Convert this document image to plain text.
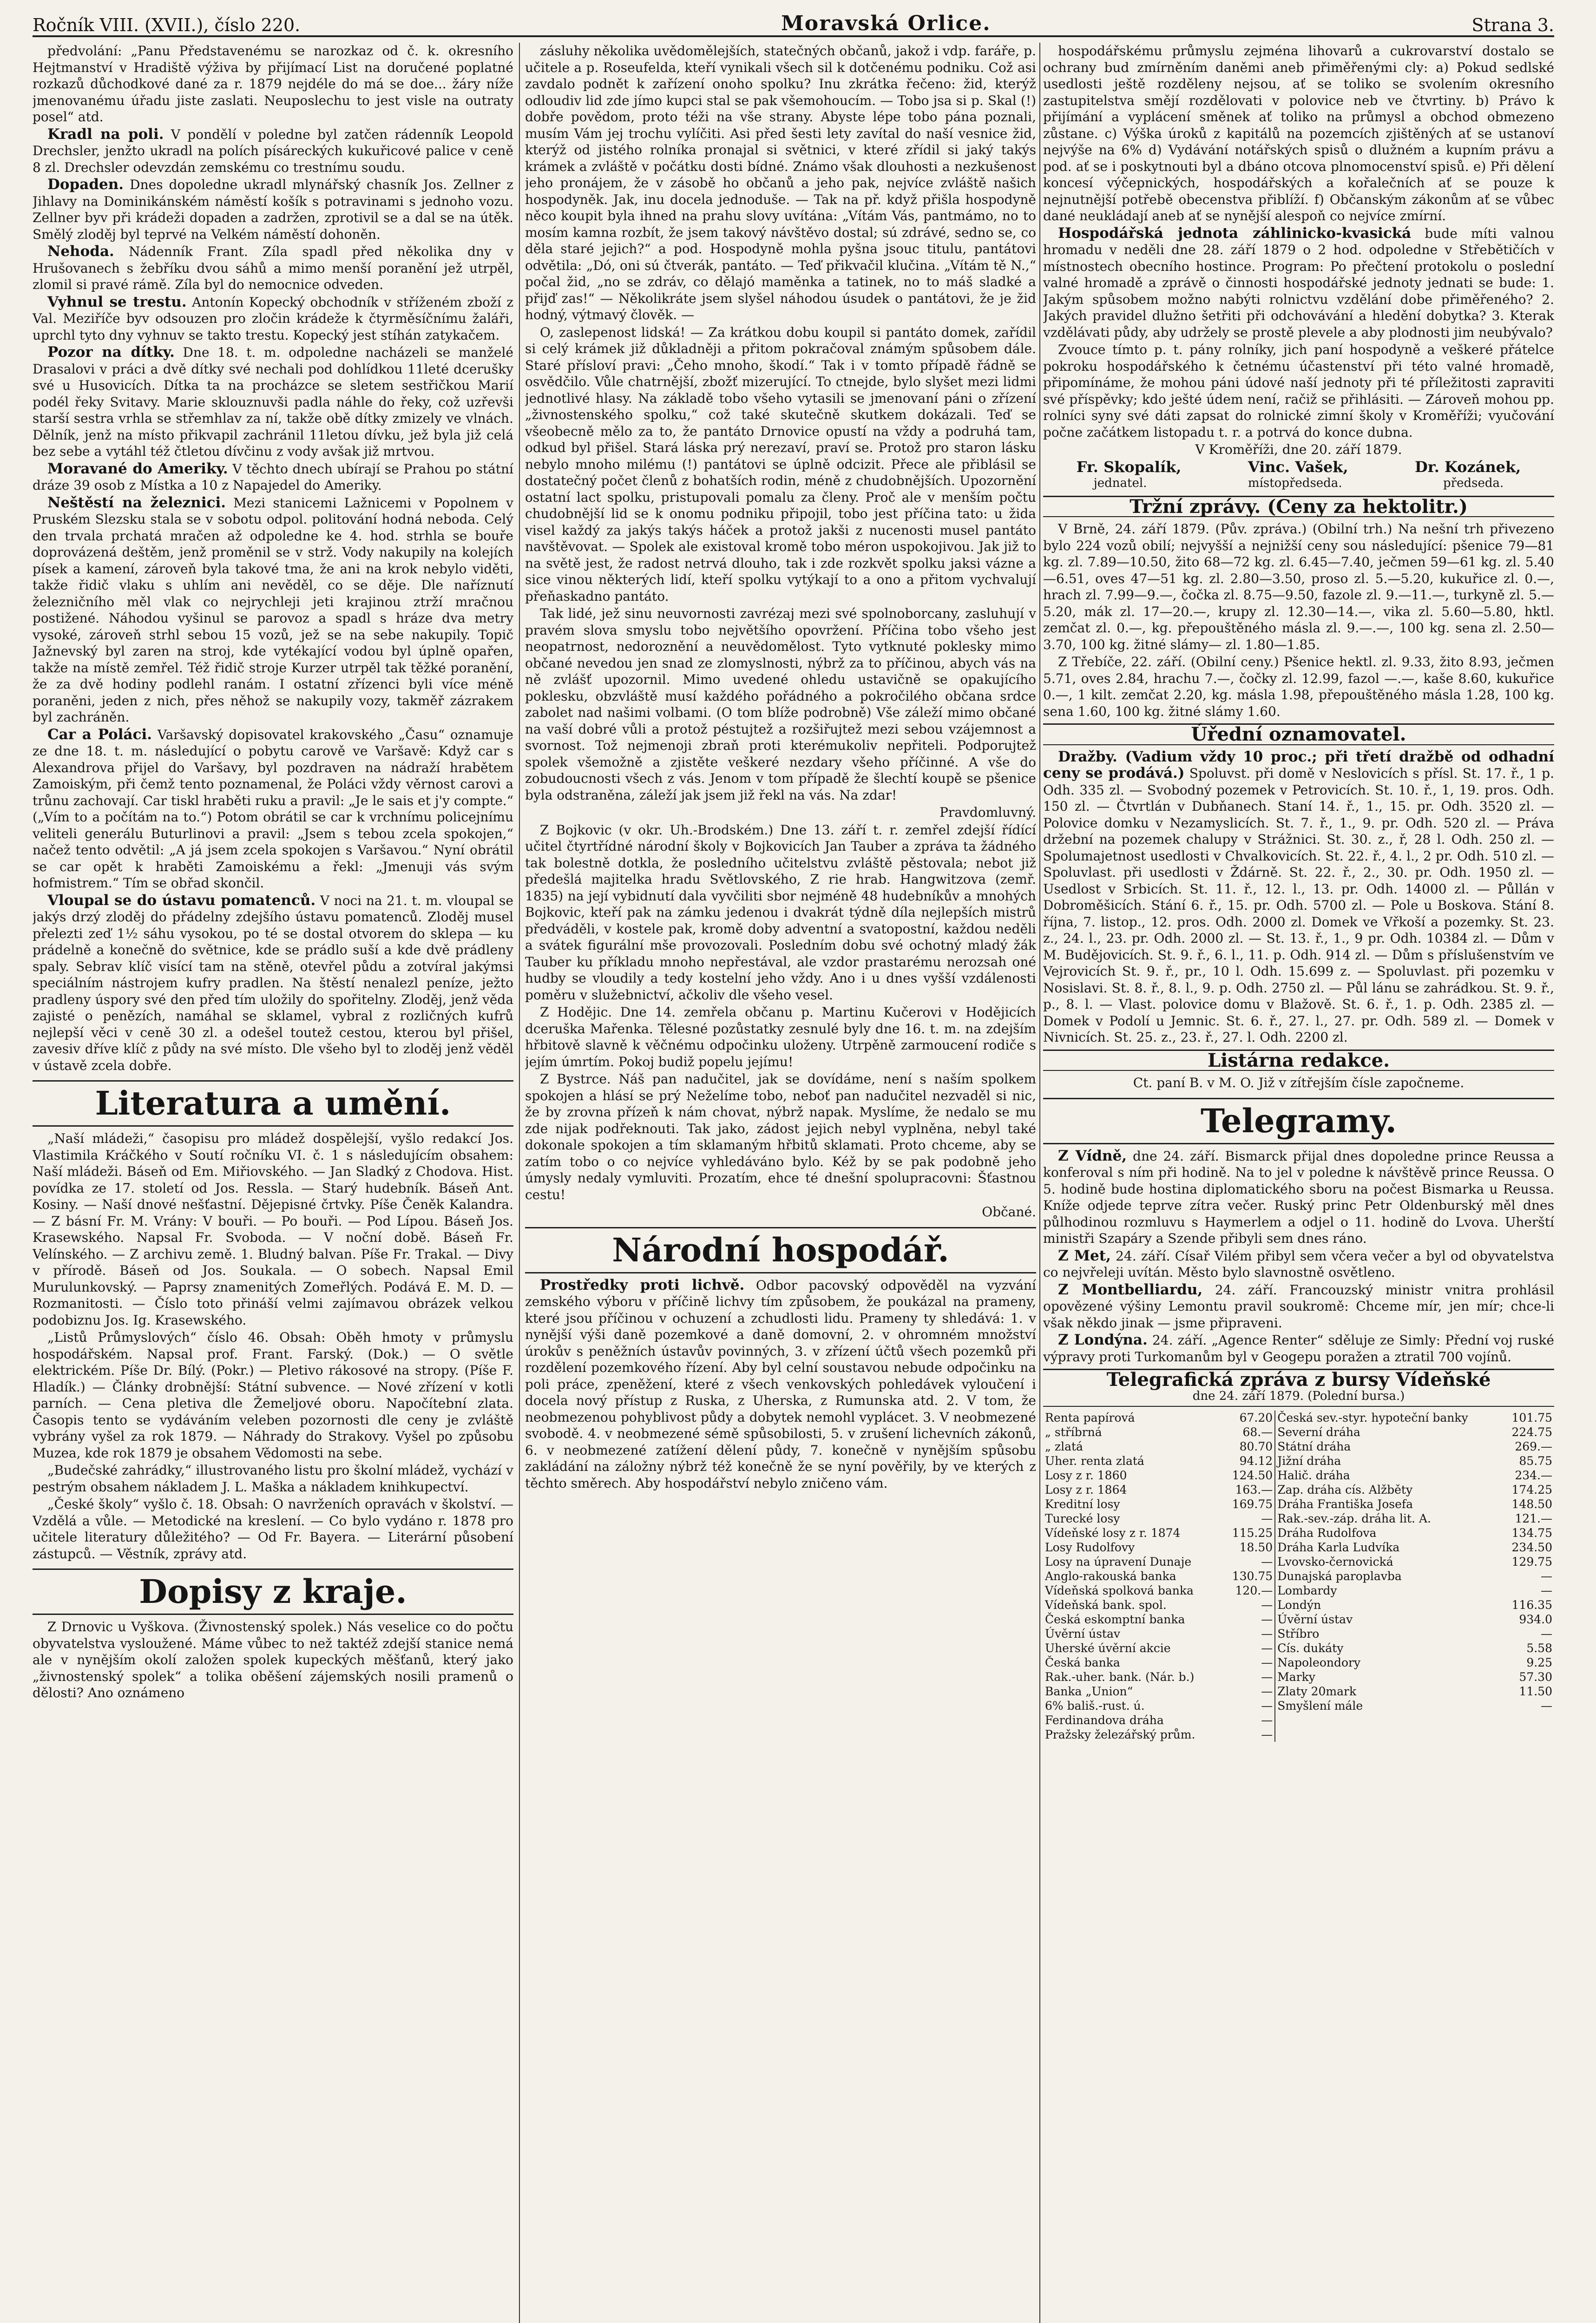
Ročník VIII. (XVII.), číslo 220.	Moravská Orlice.	Strana 3.

předvolání: „Panu Představenému se narozkaz od č. k. okresního Hejtmanství v Hradiště výživa by přijímací List na doručené poplatné rozkazů důchodkové dané za r. 1879 nejdéle do má se doe... žáry níže jmenovanému úřadu jiste zaslati. Neuposlechu to jest visle na outraty posel“ atd.

Kradl na poli. V pondělí v poledne byl zatčen rádenník Leopold Drechsler, jenžto ukradl na polích písáreckých kukuřicové palice v ceně 8 zl. Drechsler odevzdán zemskému co trestnímu soudu.

Dopaden. Dnes dopoledne ukradl mlynářský chasník Jos. Zellner z Jihlavy na Dominikánském náměstí košík s potravinami s jednoho vozu. Zellner byv při krádeži dopaden a zadržen, zprotivil se a dal se na útěk. Smělý zloděj byl teprvé na Velkém náměstí dohoněn.

Nehoda. Nádenník Frant. Zíla spadl před několika dny v Hrušovanech s žebříku dvou sáhů a mimo menší poranění jež utrpěl, zlomil si pravé rámě. Zíla byl do nemocnice odveden.

Vyhnul se trestu. Antonín Kopecký obchodník v stříženém zboží z Val. Meziříče byv odsouzen pro zločin krádeže k čtyrměsíčnímu žaláři, uprchl tyto dny vyhnuv se takto trestu. Kopecký jest stíhán zatykačem.

Pozor na dítky. Dne 18. t. m. odpoledne nacházeli se manželé Drasalovi v práci a dvě dítky své nechali pod dohlídkou 11leté dcerušky své u Husovicích. Dítka ta na procházce se sletem sestřičkou Marií podél řeky Svitavy. Marie sklouznuvši padla náhle do řeky, což uzřevši starší sestra vrhla se střemhlav za ní, takže obě dítky zmizely ve vlnách. Dělník, jenž na místo přikvapil zachránil 11letou dívku, jež byla již celá bez sebe a vytáhl též čtletou dívčinu z vody avšak již mrtvou.

Moravané do Ameriky. V těchto dnech ubírají se Prahou po státní dráze 39 osob z Místka a 10 z Napajedel do Ameriky.

Neštěstí na železnici. Mezi stanicemi Lažnicemi v Popolnem v Pruském Slezsku stala se v sobotu odpol. politování hodná neboda. Celý den trvala prchatá mračen až odpoledne ke 4. hod. strhla se bouře doprovázená deštěm, jenž proměnil se v strž. Vody nakupily na kolejích písek a kamení, zároveň byla takové tma, že ani na krok nebylo viděti, takže řidič vlaku s uhlím ani nevěděl, co se děje. Dle naříznutí železničního měl vlak co nejrychleji jeti krajinou ztrží mračnou postižené. Náhodou vyšinul se parovoz a spadl s hráze dva metry vysoké, zároveň strhl sebou 15 vozů, jež se na sebe nakupily. Topič Jažnevský byl zaren na stroj, kde vytékající vodou byl úplně opařen, takže na místě zemřel. Též řidič stroje Kurzer utrpěl tak těžké poranění, že za dvě hodiny podlehl ranám. I ostatní zřízenci byli více méně poraněni, jeden z nich, přes něhož se nakupily vozy, takměř zázrakem byl zachráněn.

Car a Poláci. Varšavský dopisovatel krakovského „Času“ oznamuje ze dne 18. t. m. následující o pobytu carově ve Varšavě: Když car s Alexandrova přijel do Varšavy, byl pozdraven na nádraží hrabětem Zamoiským, při čemž tento poznamenal, že Poláci vždy věrnost carovi a trůnu zachovají. Car tiskl hraběti ruku a pravil: „Je le sais et j'y compte.“ („Vím to a počítám na to.“) Potom obrátil se car k vrchnímu policejnímu veliteli generálu Buturlinovi a pravil: „Jsem s tebou zcela spokojen,“ načež tento odvětil: „A já jsem zcela spokojen s Varšavou.“ Nyní obrátil se car opět k hraběti Zamoiskému a řekl: „Jmenuji vás svým hofmistrem.“ Tím se obřad skončil.

Vloupal se do ústavu pomatenců. V noci na 21. t. m. vloupal se jakýs drzý zloděj do přádelny zdejšího ústavu pomatenců. Zloděj musel přelezti zeď 1½ sáhu vysokou, po té se dostal otvorem do sklepa — ku prádelně a konečně do světnice, kde se prádlo suší a kde dvě prádleny spaly. Sebrav klíč visící tam na stěně, otevřel půdu a zotvíral jakýmsi speciálním nástrojem kufry pradlen. Na štěstí nenalezl peníze, ježto pradleny úspory své den před tím uložily do spořitelny. Zloděj, jenž věda zajisté o penězích, namáhal se sklamel, vybral z rozličných kufrů nejlepší věci v ceně 30 zl. a odešel toutež cestou, kterou byl přišel, zavesiv dříve klíč z půdy na své místo. Dle všeho byl to zloděj jenž věděl v ústavě zcela dobře.

Literatura a umění.

„Naší mládeži,“ časopisu pro mládež dospělejší, vyšlo redakcí Jos. Vlastimila Kráčkého v Soutí ročníku VI. č. 1 s následujícím obsahem: Naší mládeži. Báseň od Em. Miřiovského. — Jan Sladký z Chodova. Hist. povídka ze 17. století od Jos. Ressla. — Starý hudebník. Báseň Ant. Kosiny. — Naší dnové nešťastní. Dějepisné črtvky. Píše Čeněk Kalandra. — Z básní Fr. M. Vrány: V bouři. — Po bouři. — Pod Lípou. Báseň Jos. Krasewského. Napsal Fr. Svoboda. — V noční době. Báseň Fr. Velínského. — Z archivu země. 1. Bludný balvan. Píše Fr. Trakal. — Divy v přírodě. Báseň od Jos. Soukala. — O sobech. Napsal Emil Murulunkovský. — Paprsy znamenitých Zomeřlých. Podává E. M. D. — Rozmanitosti. — Číslo toto přináší velmi zajímavou obrázek velkou podobiznu Jos. Ig. Krasewského.

„Listů Průmyslových“ číslo 46. Obsah: Oběh hmoty v průmyslu hospodářském. Napsal prof. Frant. Farský. (Dok.) — O světle elektrickém. Píše Dr. Bílý. (Pokr.) — Pletivo rákosové na stropy. (Píše F. Hladík.) — Články drobnější: Státní subvence. — Nové zřízení v kotli parních. — Cena pletiva dle Žemeljové oboru. Napočítební zlata. Časopis tento se vydáváním veleben pozornosti dle ceny je zvláště vybrány vyšel za rok 1879. — Náhrady do Strakovy. Vyšel po způsobu Muzea, kde rok 1879 je obsahem Vědomosti na sebe.

„Budečské zahrádky,“ illustrovaného listu pro školní mládež, vychází v pestrým obsahem nákladem J. L. Maška a nákladem knihkupectví.

„České školy“ vyšlo č. 18. Obsah: O navrženích opravách v školství. — Vzdělá a vůle. — Metodické na kreslení. — Co bylo vydáno r. 1878 pro učitele literatury důležitého? — Od Fr. Bayera. — Literární působení zástupců. — Věstník, zprávy atd.

Dopisy z kraje.

Z Drnovic u Vyškova. (Živnostenský spolek.) Nás veselice co do počtu obyvatelstva vysloužené. Máme vůbec to než taktéž zdejší stanice nemá ale v nynějším okolí založen spolek kupeckých měšťanů, který jako „živnostenský spolek“ a tolika oběšení zájemských nosili pramenů o dělosti? Ano oznámeno

zásluhy několika uvědomělejších, statečných občanů, jakož i vdp. faráře, p. učitele a p. Roseufelda, kteří vynikali všech sil k dotčenému podniku. Což asi zavdalo podnět k zařízení onoho spolku? Inu zkrátka řečeno: žid, kterýž odloudiv lid zde jímo kupci stal se pak všemohoucím. — Tobo jsa si p. Skal (!) dobře povědom, proto téži na vše strany. Abyste lépe tobo pána poznali, musím Vám jej trochu vylíčiti. Asi před šesti lety zavítal do naší vesnice žid, kterýž od jistého rolníka pronajal si světnici, v které zřídil si jaký takýs krámek a zvláště v počátku dosti bídné. Známo však dlouhosti a nezkušenost jeho pronájem, že v zásobě ho občanů a jeho pak, nejvíce zvláště našich hospodyněk. Jak, inu docela jednoduše. — Tak na př. když přišla hospodyně něco koupit byla ihned na prahu slovy uvítána: „Vítám Vás, pantmámo, no to mosím kamna rozbít, že jsem takový návštěvo dostal; sú zdrávé, sedno se, co děla staré jejich?“ a pod. Hospodyně mohla pyšna jsouc titulu, pantátovi odvětila: „Dó, oni sú čtverák, pantáto. — Teď přikvačil klučina. „Vítám tě N.,“ počal žid, „no se zdráv, co dělajó maměnka a tatinek, no to máš sladké a přijď zas!“ — Několikráte jsem slyšel náhodou úsudek o pantátovi, že je žid hodný, výtmavý člověk. —

O, zaslepenost lidská! — Za krátkou dobu koupil si pantáto domek, zařídil si celý krámek již důkladněji a přitom pokračoval známým spůsobem dále. Staré přísloví pravi: „Čeho mnoho, škodí.“ Tak i v tomto případě řádně se osvědčilo. Vůle chatrnější, zbožť mizerující. To ctnejde, bylo slyšet mezi lidmi jednotlivé hlasy. Na základě tobo všeho vytasili se jmenovaní páni o zřízení „živnostenského spolku,“ což také skutečně skutkem dokázali. Teď se všeobecně mělo za to, že pantáto Drnovice opustí na vždy a podruhá tam, odkud byl přišel. Stará láska prý nerezaví, praví se. Protož pro staron lásku nebylo mnoho milému (!) pantátovi se úplně odcizit. Přece ale přiblásil se dostatečný počet členů z bohatších rodin, méně z chudobnějších. Upozornění ostatní lact spolku, pristupovali pomalu za členy. Proč ale v menším počtu chudobnější lid se k onomu podniku připojil, tobo jest příčina tato: u žida visel každý za jakýs takýs háček a protož jakši z nucenosti musel pantáto navštěvovat. — Spolek ale existoval kromě tobo méron uspokojivou. Jak již to na světě jest, že radost netrvá dlouho, tak i zde rozkvět spolku jaksi vázne a sice vinou některých lidí, kteří spolku vytýkají to a ono a přitom vychvalují přeňaskadno pantáto.

Tak lidé, jež sinu neuvornosti zavrézaj mezi své spolnoborcany, zasluhují v pravém slova smyslu tobo největšího opovržení. Příčina tobo všeho jest neopatrnost, nedoroznění a neuvědomělost. Tyto vytknuté poklesky mimo občané nevedou jen snad ze zlomyslnosti, nýbrž za to příčinou, abych vás na ně zvlášť upozornil. Mimo uvedené ohledu ustavičně se opakujícího poklesku, obzvláště musí každého pořádného a pokročilého občana srdce zabolet nad našimi volbami. (O tom blíže podrobně) Vše záleží mimo občané na vaší dobré vůli a protož péstujtež a rozšiřujtež mezi sebou vzájemnost a svornost. Tož nejmenoji zbraň proti kterémukoliv nepřiteli. Podporujtež spolek všemožně a zjistěte veškeré nezdary všeho příčinné. A vše do zobudoucnosti všech z vás. Jenom v tom případě že šlechtí koupě se pšenice byla odstraněna, záleží jak jsem již řekl na vás. Na zdar!

Pravdomluvný.

Z Bojkovic (v okr. Uh.-Brodském.) Dne 13. září t. r. zemřel zdejší řídící učitel čtyrtřídné národní školy v Bojkovicích Jan Tauber a zpráva ta žádného tak bolestně dotkla, že posledního učitelstvu zvláště pěstovala; nebot již předešlá majitelka hradu Světlovského, Z rie hrab. Hangwitzova (zemř. 1835) na její vybidnutí dala vyvčiliti sbor nejméně 48 hudebníkův a mnohých Bojkovic, kteří pak na zámku jedenou i dvakrát týdně díla nejlepších mistrů předváděli, v kostele pak, kromě doby adventní a svatopostní, každou neděli a svátek figurální mše provozovali. Posledním dobu své ochotný mladý žák Tauber ku příkladu mnoho nepřestával, ale vzdor prastarému nerozsah oné hudby se vloudily a tedy kostelní jeho vždy. Ano i u dnes vyšší vzdálenosti poměru v služebnictví, ačkoliv dle všeho vesel.

Z Hodějic. Dne 14. zemřela občanu p. Martinu Kučerovi v Hodějicích dceruška Mařenka. Tělesné pozůstatky zesnulé byly dne 16. t. m. na zdejším hřbitově slavně k věčnému odpočinku uloženy. Utrpěně zarmoucení rodiče s jejím úmrtím. Pokoj budiž popelu jejímu!

Z Bystrce. Náš pan nadučitel, jak se dovídáme, není s naším spolkem spokojen a hlásí se prý Neželíme tobo, neboť pan nadučitel nezvaděl si nic, že by zrovna přízeň k nám chovat, nýbrž napak. Myslíme, že nedalo se mu zde nijak podřeknouti. Tak jako, zádost jejich nebyl vyplněna, nebyl také dokonale spokojen a tím sklamaným hřbitů sklamati. Proto chceme, aby se zatím tobo o co nejvíce vyhledáváno bylo. Kéž by se pak podobně jeho úmysly nedaly vymluviti. Prozatím, ehce té dnešní spolupracovni: Šťastnou cestu!

Občané.

Národní hospodář.

Prostředky proti lichvě. Odbor pacovský odpověděl na vyzvání zemského výboru v příčině lichvy tím způsobem, že poukázal na prameny, které jsou příčinou v ochuzení a zchudlosti lidu. Prameny ty shledává: 1. v nynější výši daně pozemkové a daně domovní, 2. v ohromném množství úrokův s peněžních ústavův povinných, 3. v zřízení účtů všech pozemků při rozdělení pozemkového řízení. Aby byl celní soustavou nebude odpočinku na poli práce, zpeněžení, které z všech venkovských pohledávek vyloučení i docela nový přístup z Ruska, z Uherska, z Rumunska atd. 2. V tom, že neobmezenou pohyblivost půdy a dobytek nemohl vyplácet. 3. V neobmezené svobodě. 4. v neobmezené sémě spůsobilosti, 5. v zrušení lichevních zákonů, 6. v neobmezené zatížení dělení půdy, 7. konečně v nynějším spůsobu zakládání na záložny nýbrž též konečně že se nyní pověřily, by ve kterých z těchto směrech. Aby hospodářství nebylo zničeno vám.

hospodářskému průmyslu zejména lihovarů a cukrovarství dostalo se ochrany bud zmírněním daněmi aneb přiměřenými cly: a) Pokud sedlské usedlosti ještě rozděleny nejsou, ať se toliko se svolením okresního zastupitelstva smějí rozdělovati v polovice neb ve čtvrtiny. b) Právo k přijímání a vyplácení směnek ať toliko na průmysl a obchod obmezeno zůstane. c) Výška úroků z kapitálů na pozemcích zjištěných ať se ustanoví nejvýše na 6% d) Vydávání notářských spisů o dlužném a kupním právu a pod. ať se i poskytnouti byl a dbáno otcova plnomocenství spisů. e) Při dělení koncesí výčepnických, hospodářských a kořalečních ať se pouze k nejnutnější potřebě obecenstva přiblíží. f) Občanským zákonům ať se vůbec dané neukládají aneb ať se nynější alespoň co nejvíce zmírní.

Hospodářská jednota záhlinicko-kvasická bude míti valnou hromadu v neděli dne 28. září 1879 o 2 hod. odpoledne v Střebětičích v místnostech obecního hostince. Program: Po přečtení protokolu o poslední valné hromadě a zprávě o činnosti hospodářské jednoty jednati se bude: 1. Jakým spůsobem možno nabýti rolnictvu vzdělání dobe přiměřeného? 2. Jakých pravidel dlužno šetřiti při odchovávání a hledění dobytka? 3. Kterak vzdělávati půdy, aby udržely se prostě plevele a aby plodnosti jim neubývalo?

Zvouce tímto p. t. pány rolníky, jich paní hospodyně a veškeré přátelce pokroku hospodářského k četnému účastenství při této valné hromadě, připomínáme, že mohou páni údové naší jednoty při té příležitosti zapraviti své příspěvky; kdo ješté údem není, račiž se přihlásiti. — Zároveň mohou pp. rolníci syny své dáti zapsat do rolnické zimní školy v Kroměříži; vyučování počne začátkem listopadu t. r. a potrvá do konce dubna.

V Kroměříži, dne 20. září 1879.

Fr. Skopalík,	Vinc. Vašek,	Dr. Kozánek,
jednatel.	místopředseda.	předseda.
Tržní zprávy. (Ceny za hektolitr.)

V Brně, 24. září 1879. (Pův. zpráva.) (Obilní trh.) Na nešní trh přivezeno bylo 224 vozů obilí; nejvyšší a nejnižší ceny sou následující: pšenice 79—81 kg. zl. 7.89—10.50, žito 68—72 kg. zl. 6.45—7.40, ječmen 59—61 kg. zl. 5.40—6.51, oves 47—51 kg. zl. 2.80—3.50, proso zl. 5.—5.20, kukuřice zl. 0.—, hrach zl. 7.99—9.—, čočka zl. 8.75—9.50, fazole zl. 9.—11.—, turkyně zl. 5.—5.20, mák zl. 17—20.—, krupy zl. 12.30—14.—, vika zl. 5.60—5.80, hktl. zemčat zl. 0.—, kg. přepouštěného másla zl. 9.—.—, 100 kg. sena zl. 2.50—3.70, 100 kg. žitné slámy— zl. 1.80—1.85.

Z Třebíče, 22. září. (Obilní ceny.) Pšenice hektl. zl. 9.33, žito 8.93, ječmen 5.71, oves 2.84, hrachu 7.—, čočky zl. 12.99, fazol —.—, kaše 8.60, kukuřice 0.—, 1 kilt. zemčat 2.20, kg. másla 1.98, přepouštěného másla 1.28, 100 kg. sena 1.60, 100 kg. žitné slámy 1.60.

Úřední oznamovatel.

Dražby. (Vadium vždy 10 proc.; při třetí dražbě od odhadní ceny se prodává.) Spoluvst. při domě v Neslovicích s přísl. St. 17. ř., 1 p. Odh. 335 zl. — Svobodný pozemek v Petrovicích. St. 10. ř., 1, 19. pros. Odh. 150 zl. — Čtvrtlán v Dubňanech. Staní 14. ř., 1., 15. pr. Odh. 3520 zl. — Polovice domku v Nezamyslicích. St. 7. ř., 1., 9. pr. Odh. 520 zl. — Práva držební na pozemek chalupy v Strážnici. St. 30. z., ř, 28 l. Odh. 250 zl. — Spolumajetnost usedlosti v Chvalkovicích. St. 22. ř., 4. l., 2 pr. Odh. 510 zl. — Spoluvlast. při usedlosti v Ždárně. St. 22. ř., 2., 30. pr. Odh. 1950 zl. — Usedlost v Srbicích. St. 11. ř., 12. l., 13. pr. Odh. 14000 zl. — Půllán v Dobroměšicích. Stání 6. ř., 15. pr. Odh. 5700 zl. — Pole u Boskova. Stání 8. října, 7. listop., 12. pros. Odh. 2000 zl. Domek ve Vřkoší a pozemky. St. 23. z., 24. l., 23. pr. Odh. 2000 zl. — St. 13. ř., 1., 9 pr. Odh. 10384 zl. — Dům v M. Budějovicích. St. 9. ř., 6. l., 11. p. Odh. 914 zl. — Dům s příslušenstvím ve Vejrovicích St. 9. ř., pr., 10 l. Odh. 15.699 z. — Spoluvlast. při pozemku v Nosislavi. St. 8. ř., 8. l., 9. p. Odh. 2750 zl. — Půl lánu se zahrádkou. St. 9. ř., p., 8. l. — Vlast. polovice domu v Blažově. St. 6. ř., 1. p. Odh. 2385 zl. — Domek v Podolí u Jemnic. St. 6. ř., 27. l., 27. pr. Odh. 589 zl. — Domek v Nivnicích. St. 25. z., 23. ř., 27. l. Odh. 2200 zl.

Listárna redakce.

Ct. paní B. v M. O. Již v zítřejším čísle započneme.

Telegramy.

Z Vídně, dne 24. září. Bismarck přijal dnes dopoledne prince Reussa a konferoval s ním při hodině. Na to jel v poledne k návštěvě prince Reussa. O 5. hodině bude hostina diplomatického sboru na počest Bismarka u Reussa. Kníže odjede teprve zítra večer. Ruský princ Petr Oldenburský měl dnes půlhodinou rozmluvu s Haymerlem a odjel o 11. hodině do Lvova. Uherští ministři Szapáry a Szende přibyli sem dnes ráno.

Z Met, 24. září. Císař Vilém přibyl sem včera večer a byl od obyvatelstva co nejvřeleji uvítán. Město bylo slavnostně osvětleno.

Z Montbelliardu, 24. září. Francouzský ministr vnitra prohlásil opovězené výšiny Lemontu pravil soukromě: Chceme mír, jen mír; chce-li však někdo jinak — jsme připraveni.

Z Londýna. 24. září. „Agence Renter“ sděluje ze Simly: Přední voj ruské výpravy proti Turkomanům byl v Geogepu poražen a ztratil 700 vojínů.

Telegrafická zpráva z bursy Vídeňské
dne 24. září 1879. (Polední bursa.)
Renta papírová	67.20	Česká sev.-styr. hypoteční banky	101.75
„ stříbrná	68.—	Severní dráha	224.75
„ zlatá	80.70	Státní dráha	269.—
Uher. renta zlatá	94.12	Jižní dráha	85.75
Losy z r. 1860	124.50	Halič. dráha	234.—
Losy z r. 1864	163.—	Zap. dráha cís. Alžběty	174.25
Kreditní losy	169.75	Dráha Františka Josefa	148.50
Turecké losy	—	Rak.-sev.-záp. dráha lit. A.	121.—
Vídeňské losy z r. 1874	115.25	Dráha Rudolfova	134.75
Losy Rudolfovy	18.50	Dráha Karla Ludvíka	234.50
Losy na úpravení Dunaje	—	Lvovsko-černovická	129.75
Anglo-rakouská banka	130.75	Dunajská paroplavba	—
Vídeňská spolková banka	120.—	Lombardy	—
Vídeňská bank. spol.	—	Londýn	116.35
Česká eskomptní banka	—	Úvěrní ústav	934.0
Úvěrní ústav	—	Stříbro	—
Uherské úvěrní akcie	—	Cís. dukáty	5.58
Česká banka	—	Napoleondory	9.25
Rak.-uher. bank. (Nár. b.)	—	Marky	57.30
Banka „Union“	—	Zlaty 20mark	11.50
6% bališ.-rust. ú.	—	Smyšlení mále	—
Ferdinandova dráha	—		
Pražsky železářský prům.	—		
